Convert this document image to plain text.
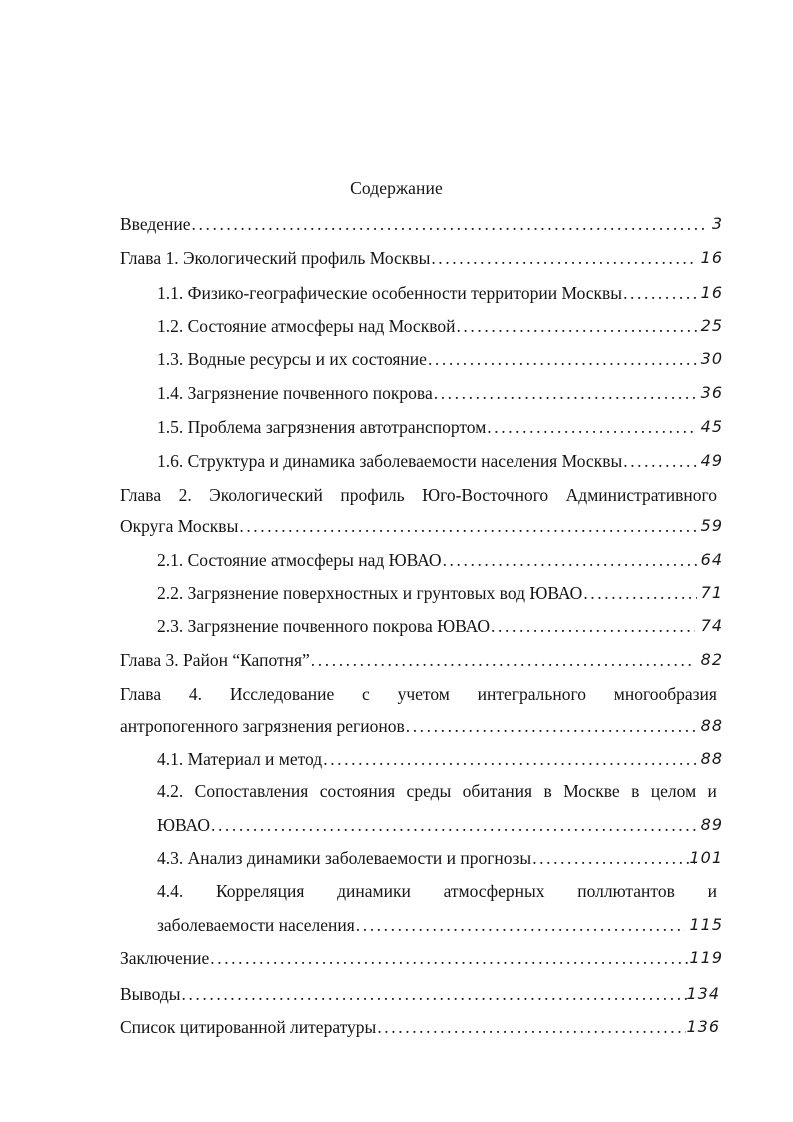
Содержание
Введение .....	3
Глава 1. Экологический профиль Москвы .....	16
1.1. Физико-географические особенности территории Москвы .....	16
1.2. Состояние атмосферы над Москвой .....	25
1.3. Водные ресурсы и их состояние .....	30
1.4. Загрязнение почвенного покрова .....	36
1.5. Проблема загрязнения автотранспортом .....	45
1.6. Структура и динамика заболеваемости населения Москвы .....	49
Глава 2. Экологический профиль Юго-Восточного Административного
Округа Москвы .....	59
2.1. Состояние атмосферы над ЮВАО .....	64
2.2. Загрязнение поверхностных и грунтовых вод ЮВАО .....	71
2.3. Загрязнение почвенного покрова ЮВАО .....	74
Глава 3. Район “Капотня” .....	82
Глава 4. Исследование с учетом интегрального многообразия
антропогенного загрязнения регионов .....	88
4.1. Материал и метод .....	88
4.2. Сопоставления состояния среды обитания в Москве в целом и
ЮВАО .....	89
4.3. Анализ динамики заболеваемости и прогнозы .....	101
4.4. Корреляция динамики атмосферных поллютантов и
заболеваемости населения .....	115
Заключение .....	119
Выводы .....	134
Список цитированной литературы .....	136
